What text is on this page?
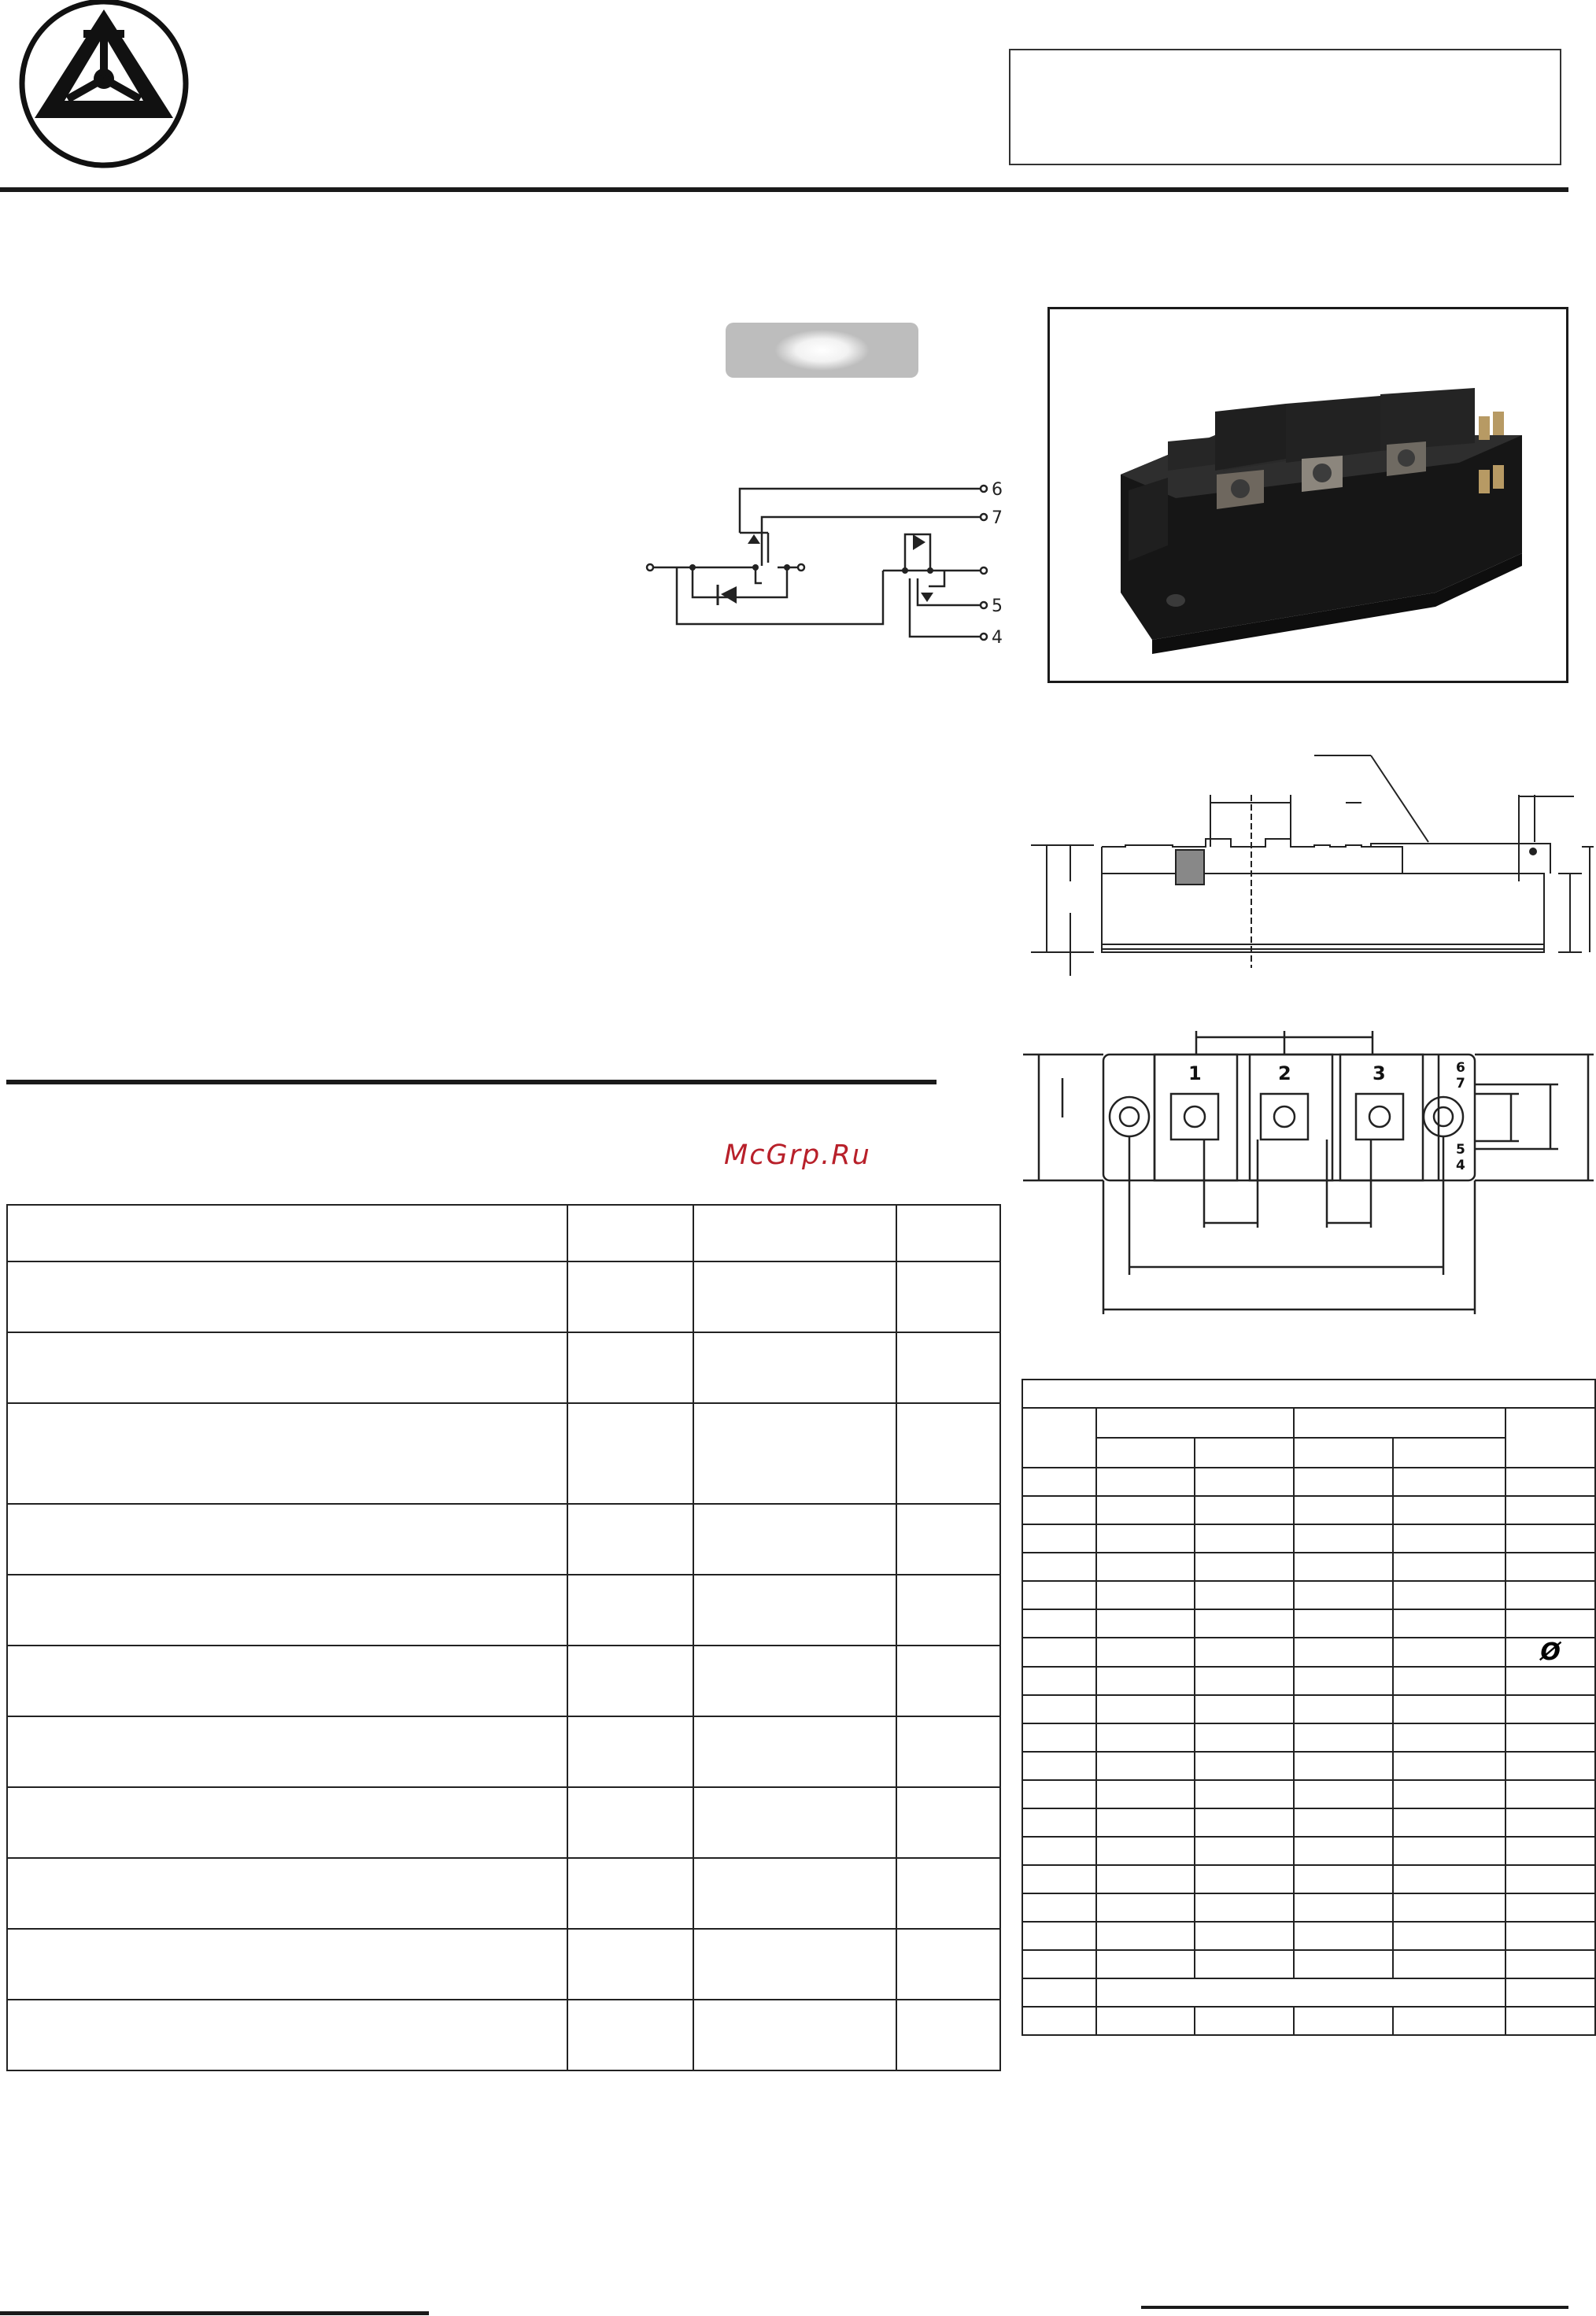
6
7
5
4
1	2	3	6
7
5
4
McGrp.Ru

					Ø
